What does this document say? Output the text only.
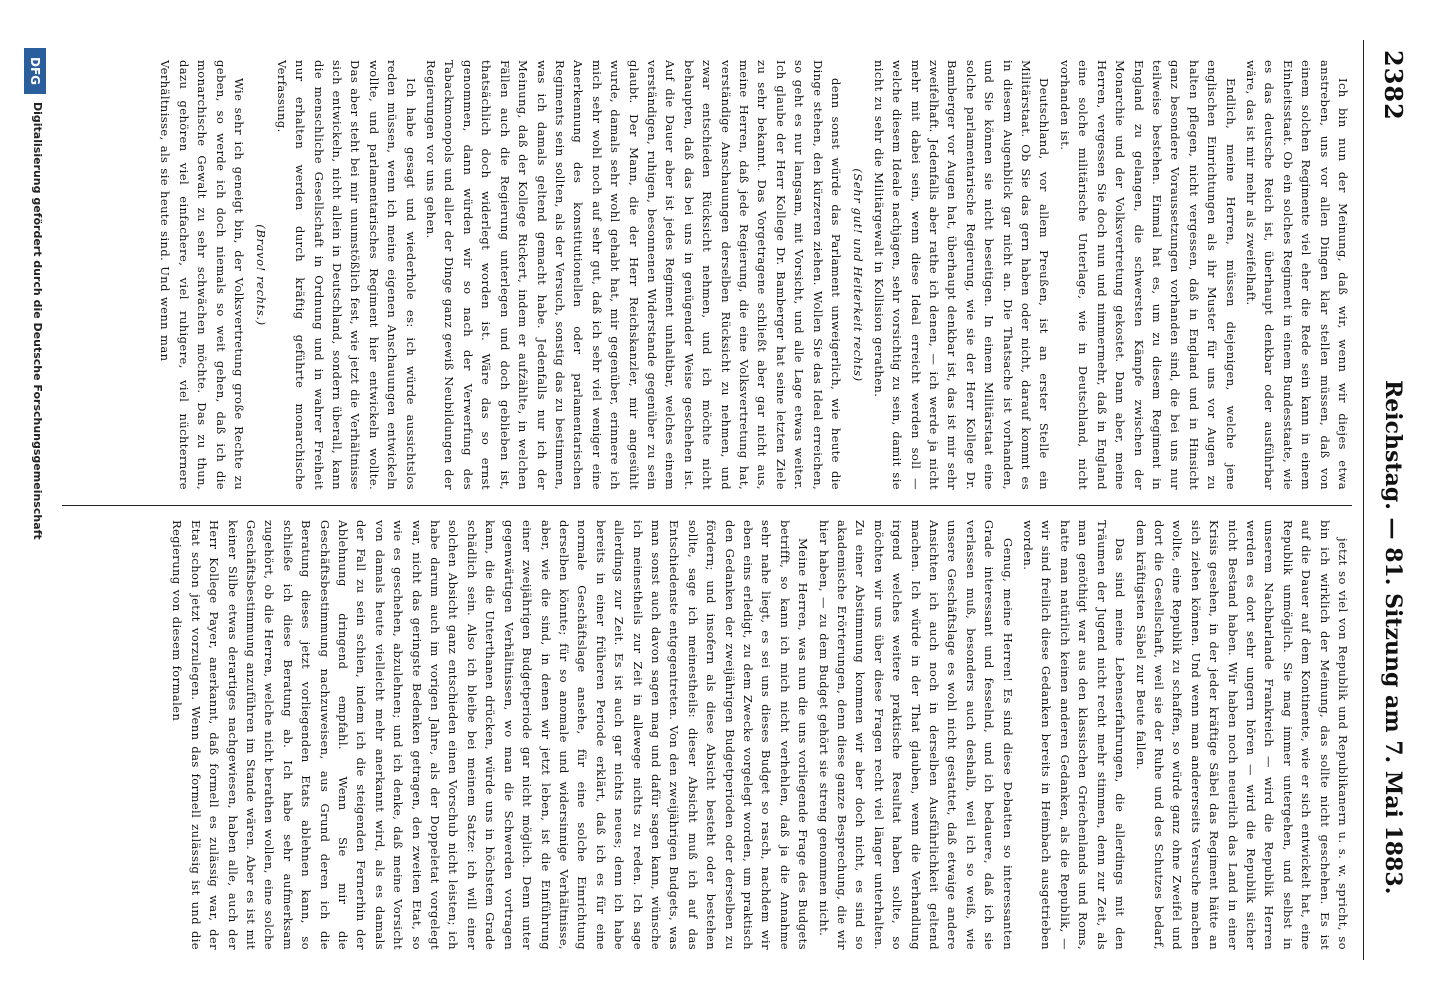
2382
Reichstag. — 81. Sitzung am 7. Mai 1883.

Ich bin nun der Meinung, daß wir, wenn wir diejes etwa anstreben, uns vor allen Dingen klar stellen müssen, daß von einem solchen Regimente viel eher die Rede sein kann in einem Einheitsstaat. Ob ein solches Regiment in einem Bundesstaate, wie es das deutsche Reich ist, überhaupt denkbar oder ausführbar wäre, das ist mir mehr als zweifelhaft.

Endlich, meine Herren, müssen diejenigen, welche jene englischen Einrichtungen als ihr Muster für uns vor Augen zu halten pflegen, nicht vergessen, daß in England und in Hinsicht ganz besondere Voraussetzungen vorhanden sind, die bei uns nur teilweise bestehen. Einmal hat es, um zu diesem Regiment in England zu gelangen, die schwersten Kämpfe zwischen der Monarchie und der Volksvertretung gekostet. Dann aber, meine Herren, vergessen Sie doch nun und nimmermehr, daß in England eine solche militärische Unterlage, wie in Deutschland, nicht vorhanden ist.

Deutschland, vor allem Preußen, ist an erster Stelle ein Militärstaat. Ob Sie das gern haben oder nicht, darauf kommt es in diesem Augenblick gar nicht an. Die Thatsache ist vorhanden, und Sie können sie nicht beseitigen. In einem Militärstaat eine solche parlamentarische Regierung, wie sie der Herr Kollege Dr. Bamberger vor Augen hat, überhaupt denkbar ist, das ist mir sehr zweifelhaft. Jedenfalls aber rathe ich denen, — ich werde ja nicht mehr mit dabei sein, wenn diese Ideal erreicht werden soll — welche diesem Ideale nachjagen, sehr vorsichtig zu sein, damit sie nicht zu sehr die Militärgewalt in Kollision gerathen.

(Sehr gut! und Heiterkeit rechts)

denn sonst würde das Parlament unweigerlich, wie heute die Dinge stehen, den kürzeren ziehen. Wollen Sie das Ideal erreichen, so geht es nur langsam, mit Vorsicht, und alle Lage etwas weiter. Ich glaube der Herr Kollege Dr. Bamberger hat seine letzten Ziele zu sehr bekannt. Das Vorgetragene schließt aber gar nicht aus, meine Herren, daß jede Regierung, die eine Volksvertretung hat, verständige Anschauungen derselben Rücksicht zu nehmen, und zwar entschieden Rücksicht nehmen, und ich möchte nicht behaupten, daß das bei uns in genügender Weise geschehen ist. Auf die Dauer aber ist jedes Regiment unhaltbar, welches einem verständigen, ruhigen, besonnenen Widerstande gegenüber zu sein glaubt. Der Mann, die der Herr Reichskanzler, mir angesühlt wurde, damals sehr wohl gehabt hat, mir gegenüber, erinnere ich mich sehr wohl noch auf sehr gut, daß ich sehr viel weniger eine Anerkennung des konstitutionellen oder parlamentarischen Regiments sein sollten, als der Versuch, sonstig das zu bestimmen, was ich damals geltend gemacht habe. Jedenfalls nur ich der Meinung, daß der Kollege Rickert, indem er aufzählte, in welchen Fällen auch die Regierung unterlegen und doch geblieben ist, thatsächlich doch widerlegt worden ist. Wäre das so ernst genommen, dann würden wir so nach der Verwerfung des Tabackmonopols und aller der Dinge ganz gewiß Neubildungen der Regierungen vor uns gehen.

Ich habe gesagt und wiederhole es: ich würde aussichtslos reden müssen, wenn ich meine eigenen Anschauungen entwickeln wollte, und parlamentarisches Regiment hier entwickeln wollte. Das aber steht bei mir unumstößlich fest, wie jetzt die Verhältnisse sich entwickeln, nicht allein in Deutschland, sondern überall, kann die menschliche Gesellschaft in Ordnung und in wahrer Freiheit nur erhalten werden durch kräftig geführte monarchische Verfassung.

(Bravo! rechts.)

Wie sehr ich geneigt bin, der Volksvertretung große Rechte zu geben, so werde ich doch niemals so weit gehen, daß ich die monarchische Gewalt zu sehr schwächen möchte. Das zu thun, dazu gehören viel einfachere, viel ruhigere, viel nüchternere Verhältnisse, als sie heute sind. Und wenn man

jetzt so viel von Republik und Republikanern u. s. w. spricht, so bin ich wirklich der Meinung, das sollte nicht geschehen. Es ist auf die Dauer auf dem Kontinente, wie er sich entwickelt hat, eine Republik unmöglich. Sie mag immer untergehen, und selbst in unserem Nachbarlande Frankreich — wird die Republik Herren werden es dort sehr ungern hören — wird die Republik sicher nicht Bestand haben. Wir haben noch neuerlich das Land in einer Krisis gesehen, in der jeder kräftige Säbel das Regiment hätte an sich ziehen können. Und wenn man andererseits Versuche machen wollte, eine Republik zu schaffen, so würde ganz ohne Zweifel und dort die Gesellschaft, weil sie der Ruhe und des Schutzes bedarf, dem kräftigsten Säbel zur Beute fallen.

Das sind meine Lebenserfahrungen, die allerdings mit den Träumen der Jugend nicht recht mehr stimmen, denn zur Zeit, als man genöthigt war aus den klassischen Griechenlands und Roms, hatte man natürlich keinen anderen Gedanken, als die Republik, — wir sind freilich diese Gedanken bereits in Heimbach ausgetrieben worden.

Genug, meine Herren! Es sind diese Debatten so interessanten Grade interessant und fesselnd, und ich bedauere, daß ich sie verlassen muß, besonders auch deshalb, weil ich so weiß, wie unsere Geschäftslage es wohl nicht gestattet, daß etwaige andere Ansichten ich auch noch in derselben Ausführlichkeit geltend machen. Ich würde in der That glauben, wenn die Verhandlung irgend welches weitere praktische Resultat haben sollte, so möchten wir uns über diese Fragen recht viel länger unterhalten. Zu einer Abstimmung kommen wir aber doch nicht, es sind so akademische Erörterungen, denn diese ganze Besprechung, die wir hier haben, — zu dem Budget gehört sie streng genommen nicht.

Meine Herren, was nun die uns vorliegende Frage des Budgets betrifft, so kann ich mich nicht verhehlen, daß ja die Annahme sehr nahe liegt, es sei uns dieses Budget so rasch, nachdem wir eben eins erledigt, zu dem Zwecke vorgelegt worden, um praktisch den Gedanken der zweijährigen Budgetperioden oder derselben zu fördern; und insofern als diese Absicht besteht oder bestehen sollte, sage ich meinestheils: dieser Absicht muß ich auf das Entschiedenste entgegentreten. Von den zweijährigen Budgets, was man sonst auch davon sagen mag und dafür sagen kann, wünsche ich meinestheils zur Zeit in allewege nichts zu reden. Ich sage allerdings zur Zeit. Es ist auch gar nichts neues; denn ich habe bereits in einer früheren Periode erklärt, daß ich es für eine normale Geschäftslage ansehe, für eine solche Einrichtung derselben könnte; für so anomale und widersinnige Verhältnisse, aber, wie die sind, in denen wir jetzt leben, ist die Einführung einer zweijährigen Budgetperiode gar nicht möglich. Denn unter gegenwärtigen Verhältnissen, wo man die Schwerden vortragen kann, die die Unterthanen drücken, würde uns in höchstem Grade schädlich sein. Also ich bleibe bei meinem Satze: ich will einer solchen Absicht ganz entschieden einen Vorschub nicht leisten; ich habe darum auch im vorigen Jahre, als der Doppeletat vorgelegt war, nicht das geringste Bedenken getragen, den zweiten Etat, so wie es geschehen, abzulehnen; und ich denke, daß meine Vorsicht von damals heute vielleicht mehr anerkannt wird, als es damals der Fall zu sein schien, indem ich die steigenden Fernerhin der Ablehnung dringend empfahl. Wenn Sie mir die Geschäftsbestimmung nachzuweisen, aus Grund deren ich die Beratung dieses jetzt vorliegenden Etats ablehnen kann, so schließe ich diese Beratung ab. Ich habe sehr aufmerksam zugehört, ob die Herren, welche nicht berathen wollen, eine solche Geschäftsbestimmung anzuführen im Stande wären. Aber es ist mit keiner Silbe etwas derartiges nachgewiesen, haben alle, auch der Herr Kollege Payer, anerkannt, daß formell es zulässig war, der Etat schon jetzt vorzulegen. Wenn das formell zulässig ist und die Regierung von diesem formalen

DFG
Digitalisierung gefördert durch die Deutsche Forschungsgemeinschaft
